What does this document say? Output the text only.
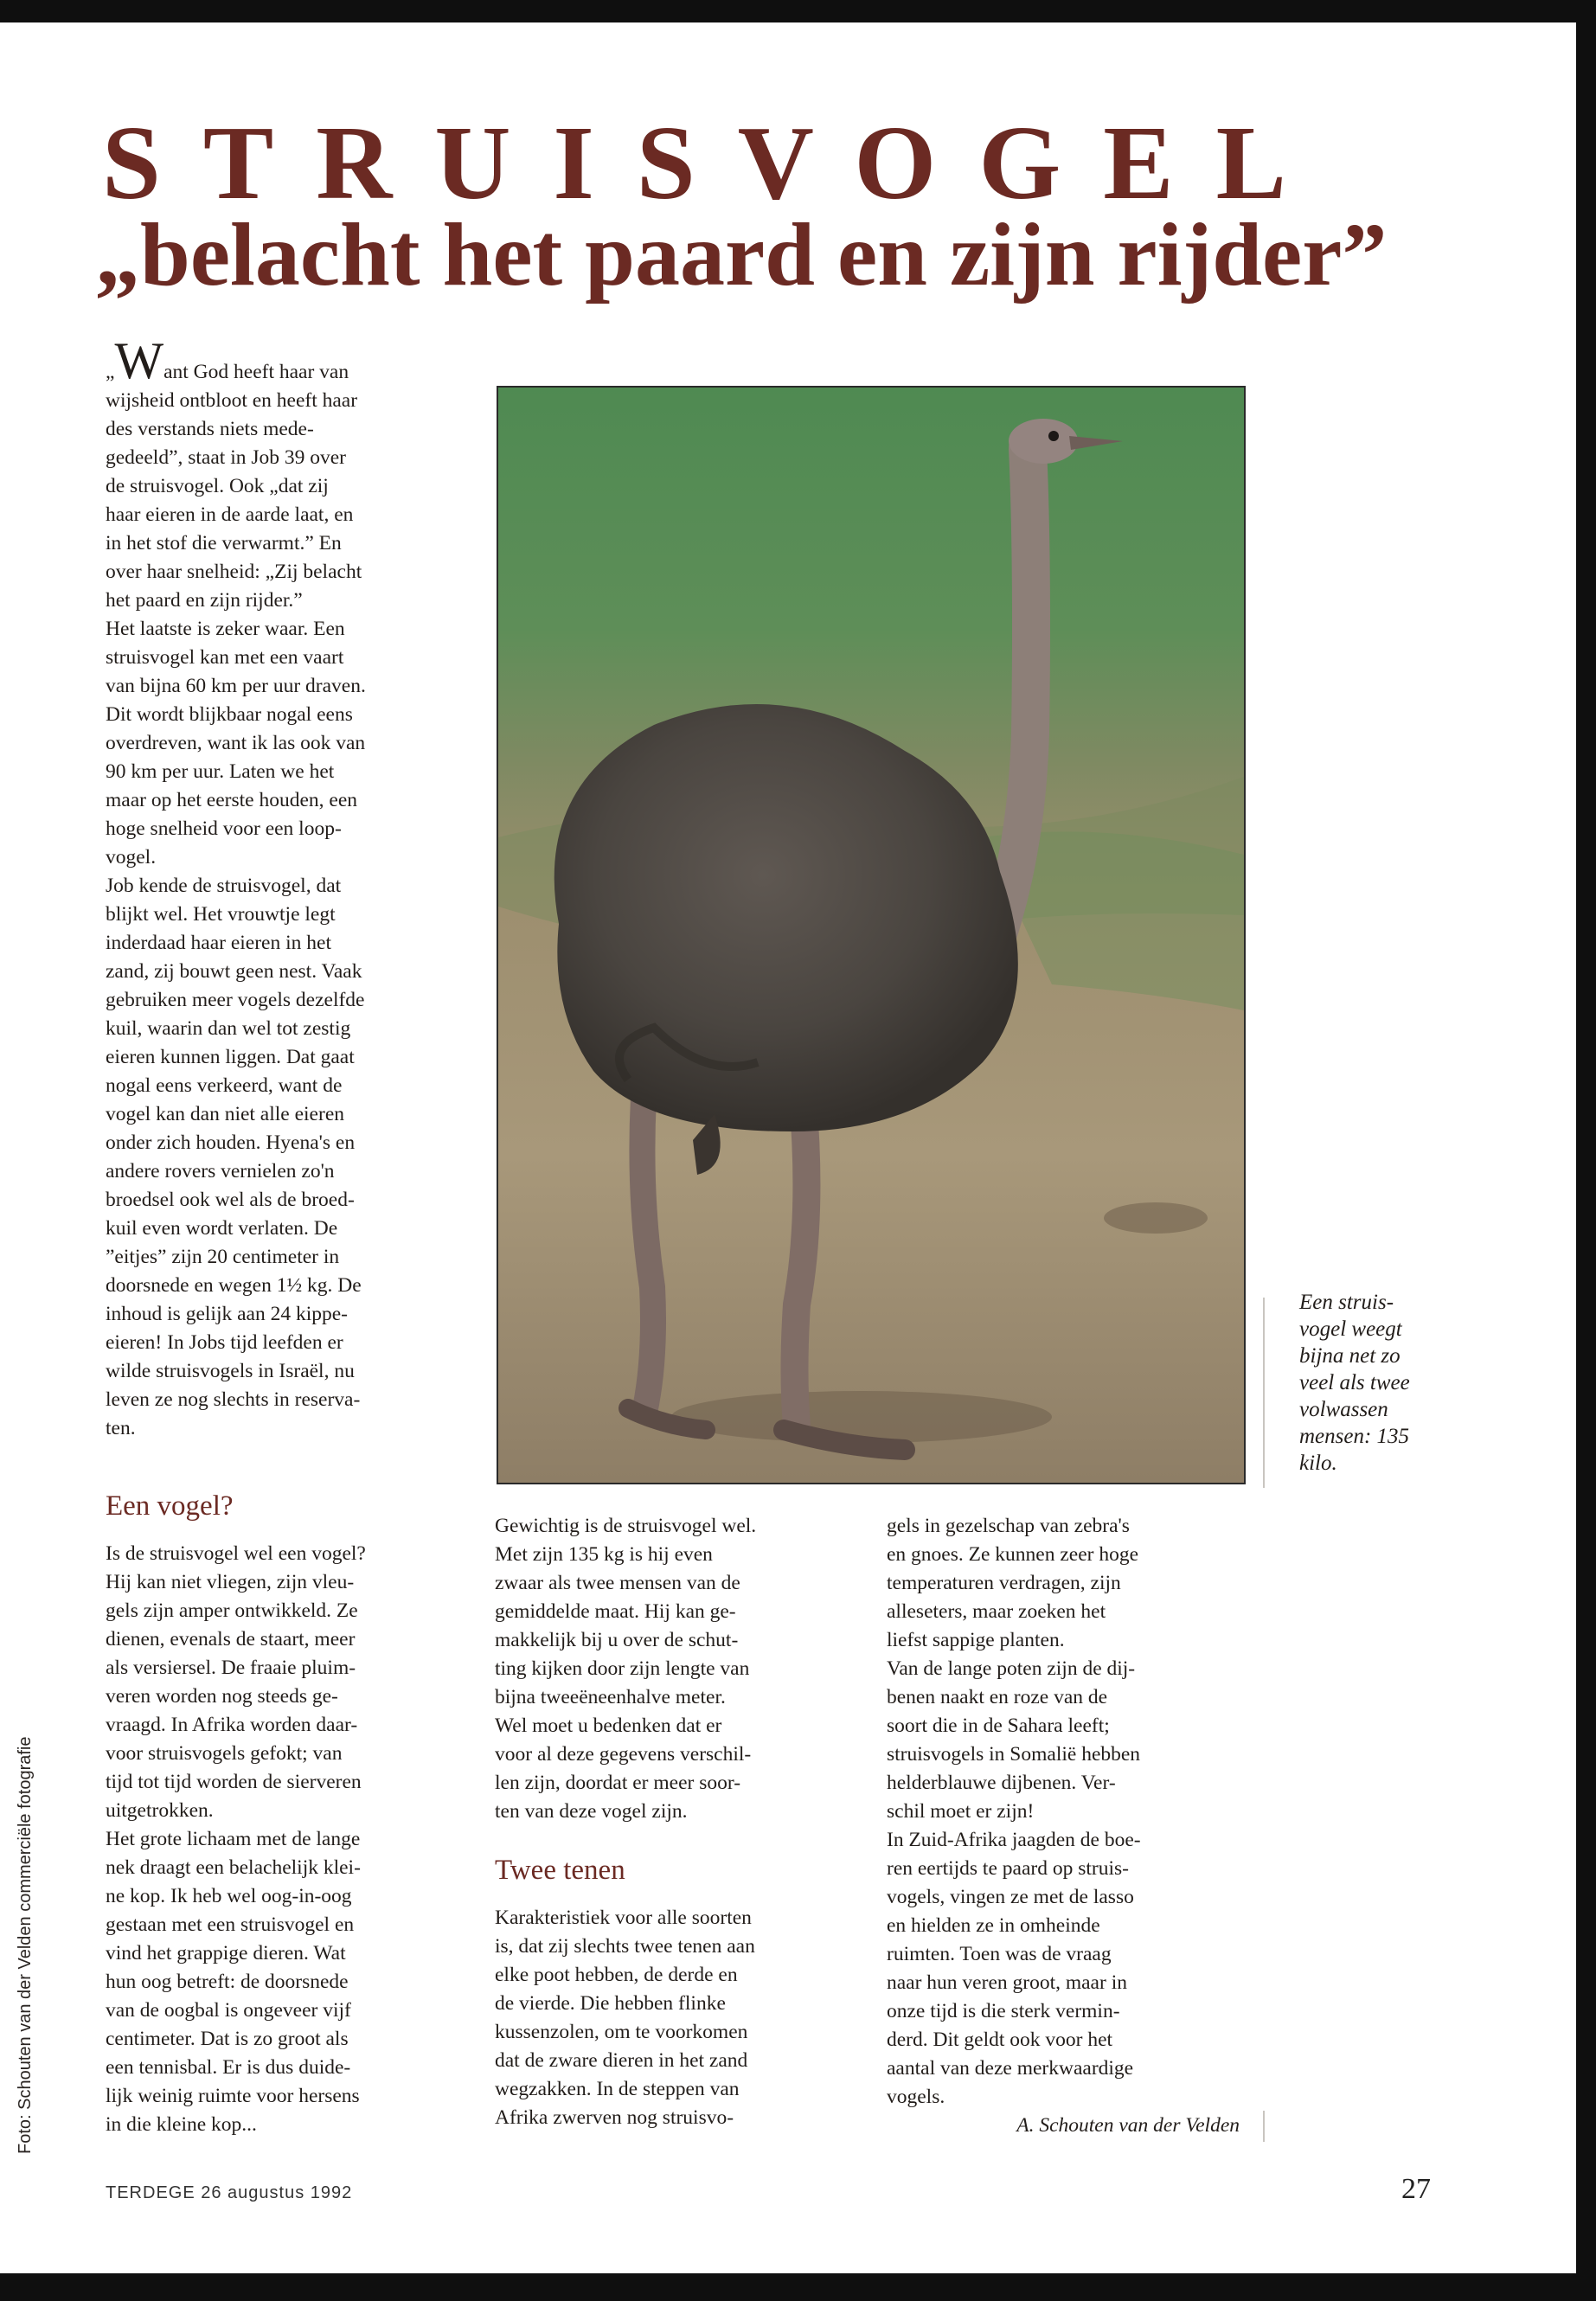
STRUISVOGEL
„belacht het paard en zijn rijder”

„Want God heeft haar van

wijsheid ontbloot en heeft haar

des verstands niets mede-

gedeeld”, staat in Job 39 over

de struisvogel. Ook „dat zij

haar eieren in de aarde laat, en

in het stof die verwarmt.” En

over haar snelheid: „Zij belacht

het paard en zijn rijder.”

Het laatste is zeker waar. Een

struisvogel kan met een vaart

van bijna 60 km per uur draven.

Dit wordt blijkbaar nogal eens

overdreven, want ik las ook van

90 km per uur. Laten we het

maar op het eerste houden, een

hoge snelheid voor een loop-

vogel.

Job kende de struisvogel, dat

blijkt wel. Het vrouwtje legt

inderdaad haar eieren in het

zand, zij bouwt geen nest. Vaak

gebruiken meer vogels dezelfde

kuil, waarin dan wel tot zestig

eieren kunnen liggen. Dat gaat

nogal eens verkeerd, want de

vogel kan dan niet alle eieren

onder zich houden. Hyena's en

andere rovers vernielen zo'n

broedsel ook wel als de broed-

kuil even wordt verlaten. De

”eitjes” zijn 20 centimeter in

doorsnede en wegen 1½ kg. De

inhoud is gelijk aan 24 kippe-

eieren! In Jobs tijd leefden er

wilde struisvogels in Israël, nu

leven ze nog slechts in reserva-

ten.

Een vogel?

Is de struisvogel wel een vogel?

Hij kan niet vliegen, zijn vleu-

gels zijn amper ontwikkeld. Ze

dienen, evenals de staart, meer

als versiersel. De fraaie pluim-

veren worden nog steeds ge-

vraagd. In Afrika worden daar-

voor struisvogels gefokt; van

tijd tot tijd worden de sierveren

uitgetrokken.

Het grote lichaam met de lange

nek draagt een belachelijk klei-

ne kop. Ik heb wel oog-in-oog

gestaan met een struisvogel en

vind het grappige dieren. Wat

hun oog betreft: de doorsnede

van de oogbal is ongeveer vijf

centimeter. Dat is zo groot als

een tennisbal. Er is dus duide-

lijk weinig ruimte voor hersens

in die kleine kop...

Een struis-
vogel weegt
bijna net zo
veel als twee
volwassen
mensen: 135
kilo.

Gewichtig is de struisvogel wel.

Met zijn 135 kg is hij even

zwaar als twee mensen van de

gemiddelde maat. Hij kan ge-

makkelijk bij u over de schut-

ting kijken door zijn lengte van

bijna tweeëneenhalve meter.

Wel moet u bedenken dat er

voor al deze gegevens verschil-

len zijn, doordat er meer soor-

ten van deze vogel zijn.

Twee tenen

Karakteristiek voor alle soorten

is, dat zij slechts twee tenen aan

elke poot hebben, de derde en

de vierde. Die hebben flinke

kussenzolen, om te voorkomen

dat de zware dieren in het zand

wegzakken. In de steppen van

Afrika zwerven nog struisvo-

gels in gezelschap van zebra's

en gnoes. Ze kunnen zeer hoge

temperaturen verdragen, zijn

alleseters, maar zoeken het

liefst sappige planten.

Van de lange poten zijn de dij-

benen naakt en roze van de

soort die in de Sahara leeft;

struisvogels in Somalië hebben

helderblauwe dijbenen. Ver-

schil moet er zijn!

In Zuid-Afrika jaagden de boe-

ren eertijds te paard op struis-

vogels, vingen ze met de lasso

en hielden ze in omheinde

ruimten. Toen was de vraag

naar hun veren groot, maar in

onze tijd is die sterk vermin-

derd. Dit geldt ook voor het

aantal van deze merkwaardige

vogels.

A. Schouten van der Velden

Foto: Schouten van der Velden commerciële fotografie
TERDEGE 26 augustus 1992	27
